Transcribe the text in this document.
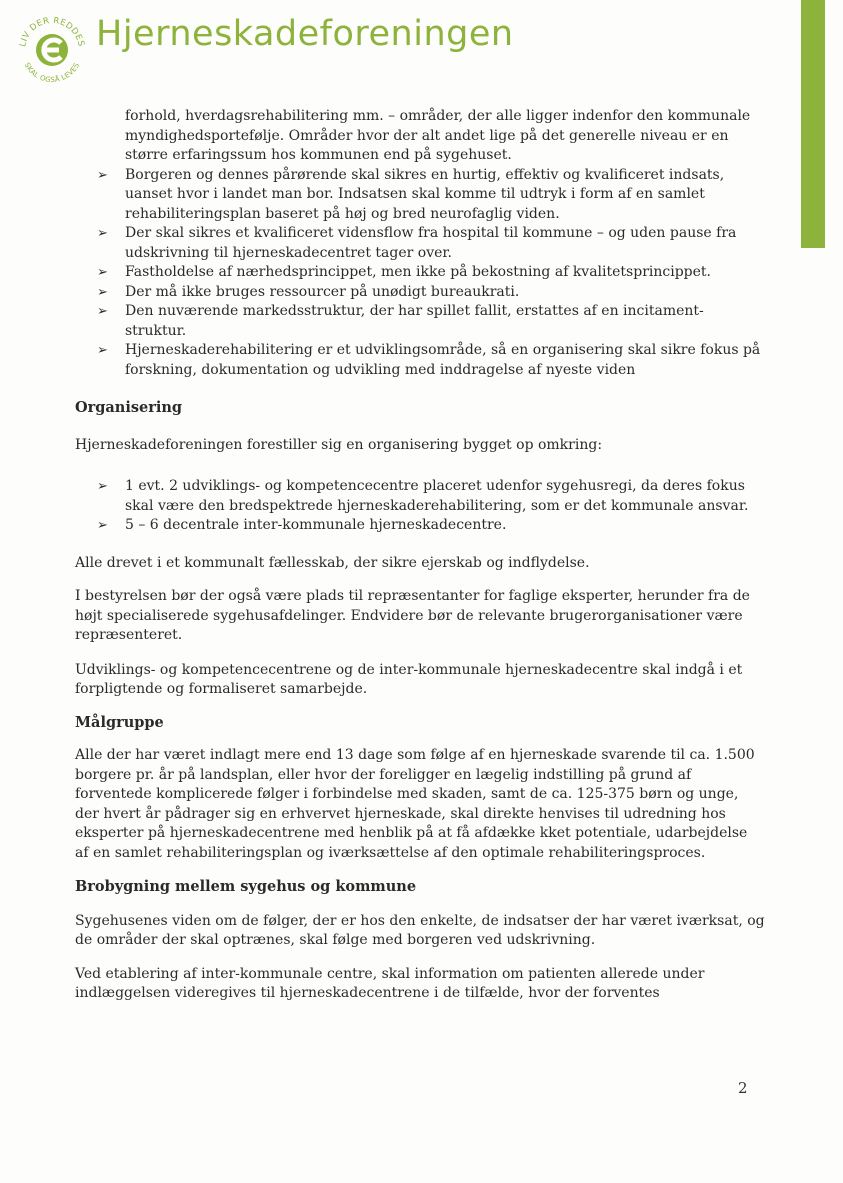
LIV DER REDDES
SKAL OGSÅ LEVES
Hjerneskadeforeningen

forhold, hverdagsrehabilitering mm. – områder, der alle ligger indenfor den kommunale myndighedsportefølje. Områder hvor der alt andet lige på det generelle niveau er en større erfaringssum hos kommunen end på sygehuset.

➢ Borgeren og dennes pårørende skal sikres en hurtig, effektiv og kvalificeret indsats, uanset hvor i landet man bor. Indsatsen skal komme til udtryk i form af en samlet rehabiliteringsplan baseret på høj og bred neurofaglig viden.
➢ Der skal sikres et kvalificeret vidensflow fra hospital til kommune – og uden pause fra udskrivning til hjerneskadecentret tager over.
➢ Fastholdelse af nærhedsprincippet, men ikke på bekostning af kvalitetsprincippet.
➢ Der må ikke bruges ressourcer på unødigt bureaukrati.
➢ Den nuværende markedsstruktur, der har spillet fallit, erstattes af en incitament-struktur.
➢ Hjerneskaderehabilitering er et udviklingsområde, så en organisering skal sikre fokus på forskning, dokumentation og udvikling med inddragelse af nyeste viden
Organisering

Hjerneskadeforeningen forestiller sig en organisering bygget op omkring:

➢ 1 evt. 2 udviklings- og kompetencecentre placeret udenfor sygehusregi, da deres fokus skal være den bredspektrede hjerneskaderehabilitering, som er det kommunale ansvar.
➢ 5 – 6 decentrale inter-kommunale hjerneskadecentre.

Alle drevet i et kommunalt fællesskab, der sikre ejerskab og indflydelse.

I bestyrelsen bør der også være plads til repræsentanter for faglige eksperter, herunder fra de højt specialiserede sygehusafdelinger. Endvidere bør de relevante brugerorganisationer være repræsenteret.

Udviklings- og kompetencecentrene og de inter-kommunale hjerneskadecentre skal indgå i et forpligtende og formaliseret samarbejde.

Målgruppe

Alle der har været indlagt mere end 13 dage som følge af en hjerneskade svarende til ca. 1.500 borgere pr. år på landsplan, eller hvor der foreligger en lægelig indstilling på grund af forventede komplicerede følger i forbindelse med skaden, samt de ca. 125-375 børn og unge, der hvert år pådrager sig en erhvervet hjerneskade, skal direkte henvises til udredning hos eksperter på hjerneskadecentrene med henblik på at få afdække kket potentiale, udarbejdelse af en samlet rehabiliteringsplan og iværksættelse af den optimale rehabiliteringsproces.

Brobygning mellem sygehus og kommune

Sygehusenes viden om de følger, der er hos den enkelte, de indsatser der har været iværksat, og de områder der skal optrænes, skal følge med borgeren ved udskrivning.

Ved etablering af inter-kommunale centre, skal information om patienten allerede under indlæggelsen videregives til hjerneskadecentrene i de tilfælde, hvor der forventes

2
